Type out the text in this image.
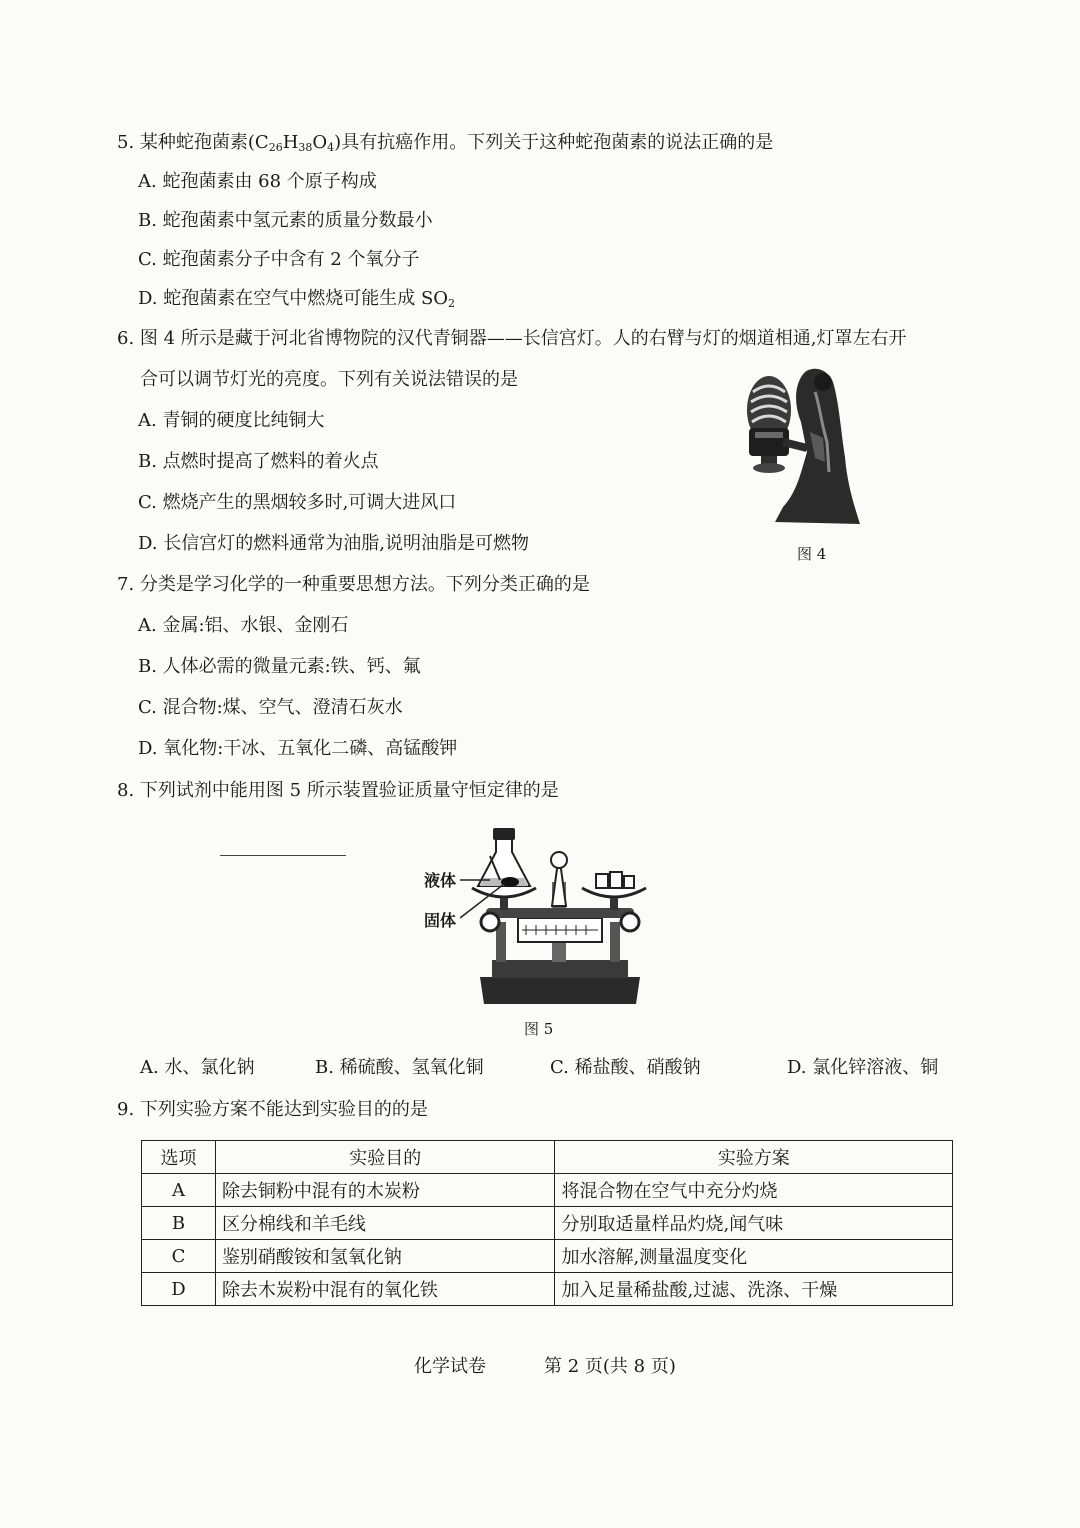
5. 某种蛇孢菌素$(C_{26}H_{38}O_4)$具有抗癌作用。下列关于这种蛇孢菌素的说法正确的是
A. 蛇孢菌素由 68 个原子构成
B. 蛇孢菌素中氢元素的质量分数最小
C. 蛇孢菌素分子中含有 2 个氧分子
D. 蛇孢菌素在空气中燃烧可能生成 $SO_2$
6. 图 4 所示是藏于河北省博物院的汉代青铜器——长信宫灯。人的右臂与灯的烟道相通,灯罩左右开
合可以调节灯光的亮度。下列有关说法错误的是
A. 青铜的硬度比纯铜大
B. 点燃时提高了燃料的着火点
C. 燃烧产生的黑烟较多时,可调大进风口
D. 长信宫灯的燃料通常为油脂,说明油脂是可燃物	图 4
7. 分类是学习化学的一种重要思想方法。下列分类正确的是
A. 金属:铝、水银、金刚石
B. 人体必需的微量元素:铁、钙、氟
C. 混合物:煤、空气、澄清石灰水
D. 氧化物:干冰、五氧化二磷、高锰酸钾
8. 下列试剂中能用图 5 所示装置验证质量守恒定律的是
液体
固体
图 5
A. 水、氯化钠	B. 稀硫酸、氢氧化铜	C. 稀盐酸、硝酸钠	D. 氯化锌溶液、铜
9. 下列实验方案不能达到实验目的的是
选项	实验目的	实验方案
A	除去铜粉中混有的木炭粉	将混合物在空气中充分灼烧
B	区分棉线和羊毛线	分别取适量样品灼烧,闻气味
C	鉴别硝酸铵和氢氧化钠	加水溶解,测量温度变化
D	除去木炭粉中混有的氧化铁	加入足量稀盐酸,过滤、洗涤、干燥
化学试卷	第 2 页(共 8 页)
